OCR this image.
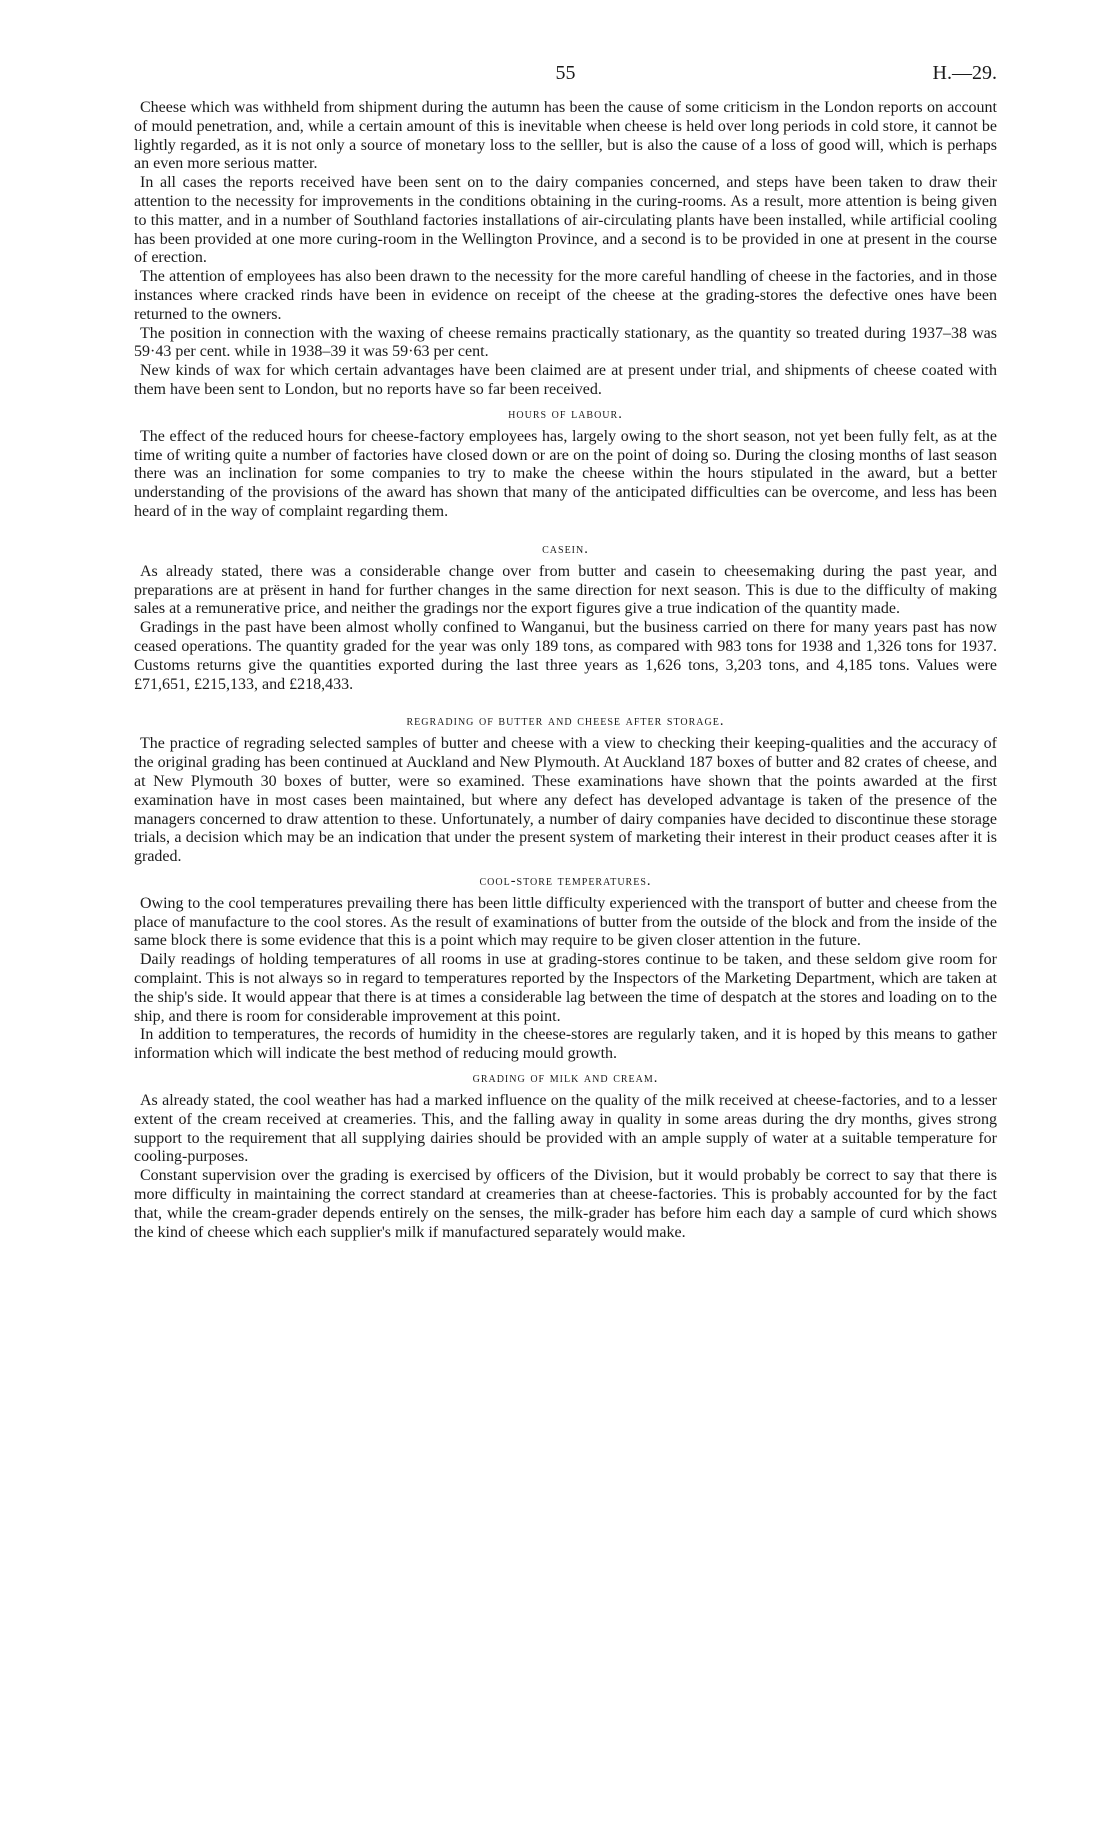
55	H.—29.

Cheese which was withheld from shipment during the autumn has been the cause of some criticism in the London reports on account of mould penetration, and, while a certain amount of this is inevitable when cheese is held over long periods in cold store, it cannot be lightly regarded, as it is not only a source of monetary loss to the selller, but is also the cause of a loss of good will, which is perhaps an even more serious matter.

In all cases the reports received have been sent on to the dairy companies concerned, and steps have been taken to draw their attention to the necessity for improvements in the conditions obtaining in the curing-rooms. As a result, more attention is being given to this matter, and in a number of Southland factories installations of air-circulating plants have been installed, while artificial cooling has been provided at one more curing-room in the Wellington Province, and a second is to be provided in one at present in the course of erection.

The attention of employees has also been drawn to the necessity for the more careful handling of cheese in the factories, and in those instances where cracked rinds have been in evidence on receipt of the cheese at the grading-stores the defective ones have been returned to the owners.

The position in connection with the waxing of cheese remains practically stationary, as the quantity so treated during 1937–38 was 59·43 per cent. while in 1938–39 it was 59·63 per cent.

New kinds of wax for which certain advantages have been claimed are at present under trial, and shipments of cheese coated with them have been sent to London, but no reports have so far been received.

hours of labour.

The effect of the reduced hours for cheese-factory employees has, largely owing to the short season, not yet been fully felt, as at the time of writing quite a number of factories have closed down or are on the point of doing so. During the closing months of last season there was an inclination for some companies to try to make the cheese within the hours stipulated in the award, but a better understanding of the provisions of the award has shown that many of the anticipated difficulties can be overcome, and less has been heard of in the way of complaint regarding them.

casein.

As already stated, there was a considerable change over from butter and casein to cheesemaking during the past year, and preparations are at prësent in hand for further changes in the same direction for next season. This is due to the difficulty of making sales at a remunerative price, and neither the gradings nor the export figures give a true indication of the quantity made.

Gradings in the past have been almost wholly confined to Wanganui, but the business carried on there for many years past has now ceased operations. The quantity graded for the year was only 189 tons, as compared with 983 tons for 1938 and 1,326 tons for 1937. Customs returns give the quantities exported during the last three years as 1,626 tons, 3,203 tons, and 4,185 tons. Values were £71,651, £215,133, and £218,433.

regrading of butter and cheese after storage.

The practice of regrading selected samples of butter and cheese with a view to checking their keeping-qualities and the accuracy of the original grading has been continued at Auckland and New Plymouth. At Auckland 187 boxes of butter and 82 crates of cheese, and at New Plymouth 30 boxes of butter, were so examined. These examinations have shown that the points awarded at the first examination have in most cases been maintained, but where any defect has developed advantage is taken of the presence of the managers concerned to draw attention to these. Unfortunately, a number of dairy companies have decided to discontinue these storage trials, a decision which may be an indication that under the present system of marketing their interest in their product ceases after it is graded.

cool-store temperatures.

Owing to the cool temperatures prevailing there has been little difficulty experienced with the transport of butter and cheese from the place of manufacture to the cool stores. As the result of examinations of butter from the outside of the block and from the inside of the same block there is some evidence that this is a point which may require to be given closer attention in the future.

Daily readings of holding temperatures of all rooms in use at grading-stores continue to be taken, and these seldom give room for complaint. This is not always so in regard to temperatures reported by the Inspectors of the Marketing Department, which are taken at the ship's side. It would appear that there is at times a considerable lag between the time of despatch at the stores and loading on to the ship, and there is room for considerable improvement at this point.

In addition to temperatures, the records of humidity in the cheese-stores are regularly taken, and it is hoped by this means to gather information which will indicate the best method of reducing mould growth.

grading of milk and cream.

As already stated, the cool weather has had a marked influence on the quality of the milk received at cheese-factories, and to a lesser extent of the cream received at creameries. This, and the falling away in quality in some areas during the dry months, gives strong support to the requirement that all supplying dairies should be provided with an ample supply of water at a suitable temperature for cooling-purposes.

Constant supervision over the grading is exercised by officers of the Division, but it would probably be correct to say that there is more difficulty in maintaining the correct standard at creameries than at cheese-factories. This is probably accounted for by the fact that, while the cream-grader depends entirely on the senses, the milk-grader has before him each day a sample of curd which shows the kind of cheese which each supplier's milk if manufactured separately would make.
